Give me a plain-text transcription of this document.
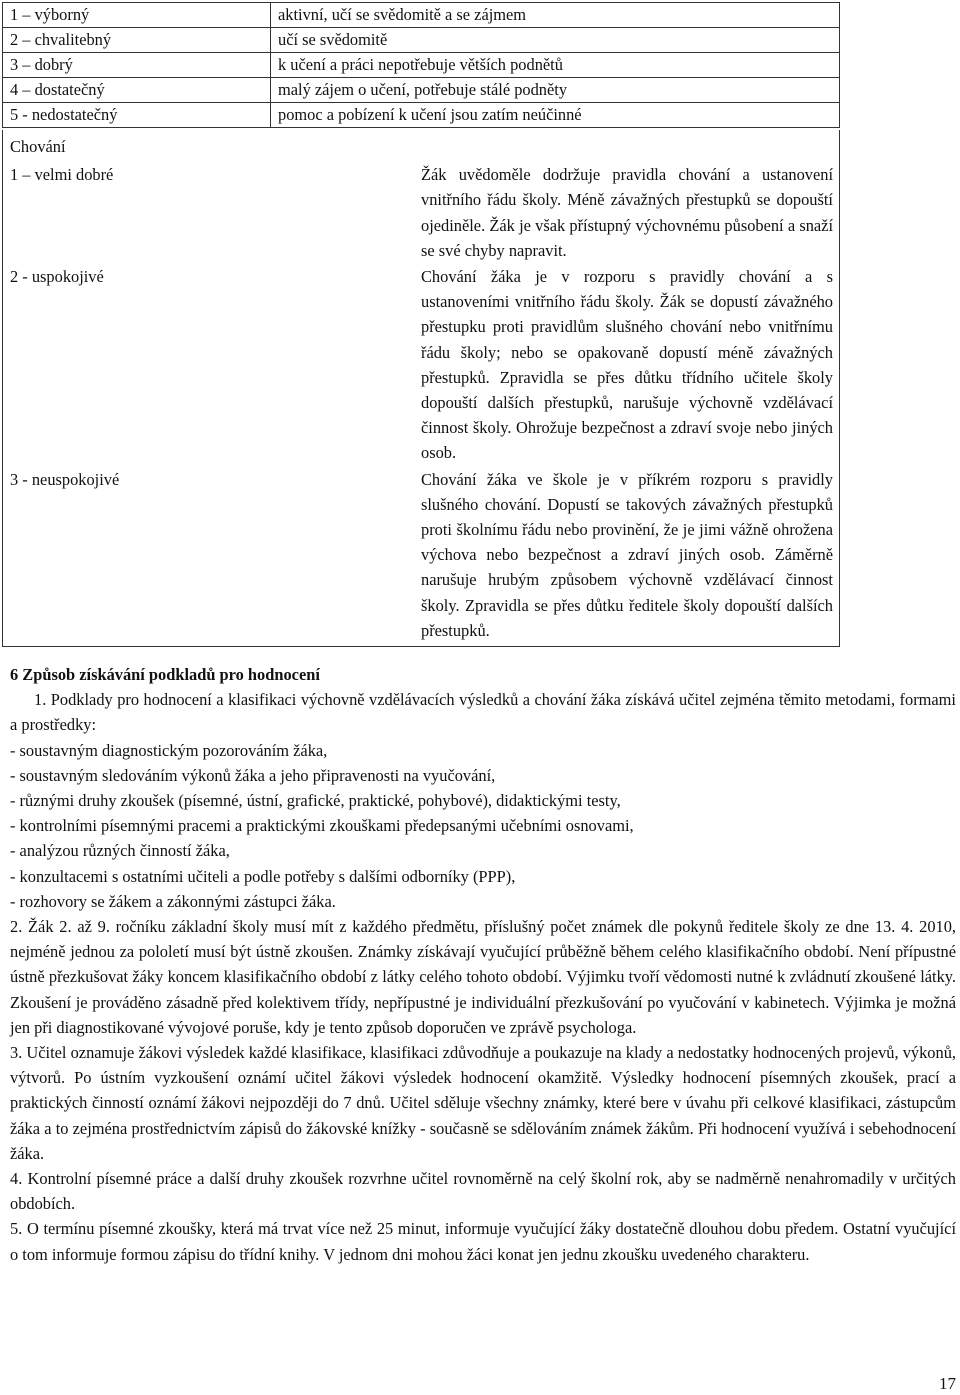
1 – výborný	aktivní, učí se svědomitě a se zájmem
2 – chvalitebný	učí se svědomitě
3 – dobrý	k učení a práci nepotřebuje větších podnětů
4 – dostatečný	malý zájem o učení, potřebuje stálé podněty
5 - nedostatečný	pomoc a pobízení k učení jsou zatím neúčinné
Chování	
1 – velmi dobré	Žák uvědoměle dodržuje pravidla chování a ustanovení vnitřního řádu školy. Méně závažných přestupků se dopouští ojediněle. Žák je však přístupný výchovnému působení a snaží se své chyby napravit.

2 - uspokojivé	Chování žáka je v rozporu s pravidly chování a s ustanoveními vnitřního řádu školy. Žák se dopustí závažného přestupku proti pravidlům slušného chování nebo vnitřnímu řádu školy; nebo se opakovaně dopustí méně závažných přestupků. Zpravidla se přes důtku třídního učitele školy dopouští dalších přestupků, narušuje výchovně vzdělávací činnost školy. Ohrožuje bezpečnost a zdraví svoje nebo jiných osob.

3 - neuspokojivé	Chování žáka ve škole je v příkrém rozporu s pravidly slušného chování. Dopustí se takových závažných přestupků proti školnímu řádu nebo provinění, že je jimi vážně ohrožena výchova nebo bezpečnost a zdraví jiných osob. Záměrně narušuje hrubým způsobem výchovně vzdělávací činnost školy. Zpravidla se přes důtku ředitele školy dopouští dalších přestupků.

6 Způsob získávání podkladů pro hodnocení

1. Podklady pro hodnocení a klasifikaci výchovně vzdělávacích výsledků a chování žáka získává učitel zejména těmito metodami, formami a prostředky:

- soustavným diagnostickým pozorováním žáka,

- soustavným sledováním výkonů žáka a jeho připravenosti na vyučování,

- různými druhy zkoušek (písemné, ústní, grafické, praktické, pohybové), didaktickými testy,

- kontrolními písemnými pracemi a praktickými zkouškami předepsanými učebními osnovami,

- analýzou různých činností žáka,

- konzultacemi s ostatními učiteli a podle potřeby s dalšími odborníky (PPP),

- rozhovory se žákem a zákonnými zástupci žáka.

2. Žák 2. až 9. ročníku základní školy musí mít z každého předmětu, příslušný počet známek dle pokynů ředitele školy ze dne 13. 4. 2010, nejméně jednou za pololetí musí být ústně zkoušen. Známky získávají vyučující průběžně během celého klasifikačního období. Není přípustné ústně přezkušovat žáky koncem klasifikačního období z látky celého tohoto období. Výjimku tvoří vědomosti nutné k zvládnutí zkoušené látky. Zkoušení je prováděno zásadně před kolektivem třídy, nepřípustné je individuální přezkušování po vyučování v kabinetech. Výjimka je možná jen při diagnostikované vývojové poruše, kdy je tento způsob doporučen ve zprávě psychologa.

3. Učitel oznamuje žákovi výsledek každé klasifikace, klasifikaci zdůvodňuje a poukazuje na klady a nedostatky hodnocených projevů, výkonů, výtvorů. Po ústním vyzkoušení oznámí učitel žákovi výsledek hodnocení okamžitě. Výsledky hodnocení písemných zkoušek, prací a praktických činností oznámí žákovi nejpozději do 7 dnů. Učitel sděluje všechny známky, které bere v úvahu při celkové klasifikaci, zástupcům žáka a to zejména prostřednictvím zápisů do žákovské knížky - současně se sdělováním známek žákům. Při hodnocení využívá i sebehodnocení žáka.

4. Kontrolní písemné práce a další druhy zkoušek rozvrhne učitel rovnoměrně na celý školní rok, aby se nadměrně nenahromadily v určitých obdobích.

5. O termínu písemné zkoušky, která má trvat více než 25 minut, informuje vyučující žáky dostatečně dlouhou dobu předem. Ostatní vyučující o tom informuje formou zápisu do třídní knihy. V jednom dni mohou žáci konat jen jednu zkoušku uvedeného charakteru.

17
